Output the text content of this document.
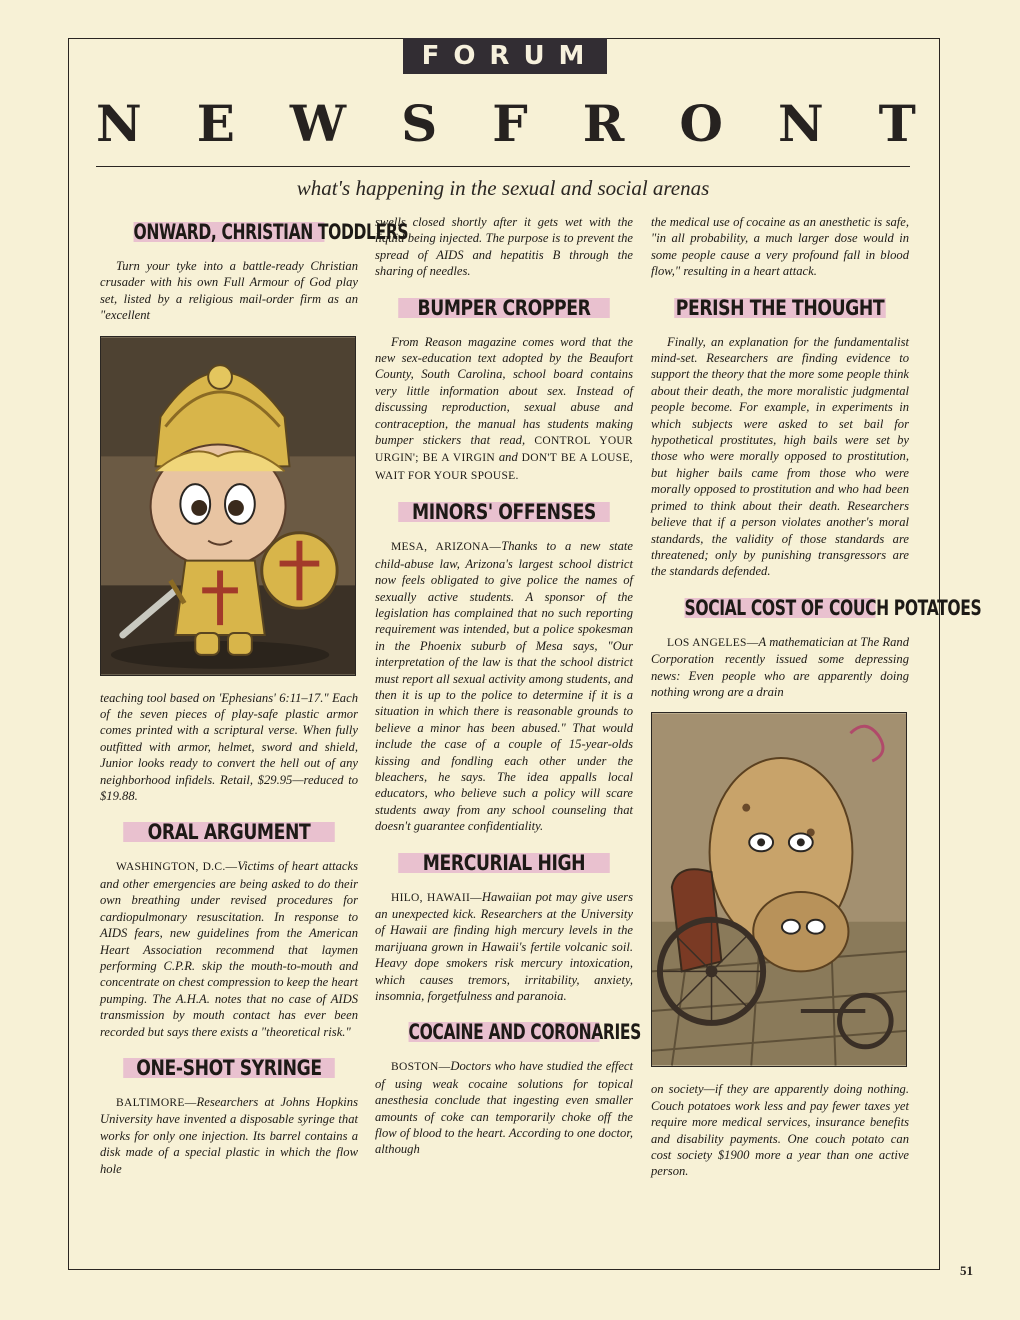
FORUM
N E W S F R O N T
what's happening in the sexual and social arenas
ONWARD, CHRISTIAN TODDLERS

Turn your tyke into a battle-ready Christian crusader with his own Full Armour of God play set, listed by a religious mail-order firm as an "excellent

teaching tool based on 'Ephesians' 6:11–17." Each of the seven pieces of play-safe plastic armor comes printed with a scriptural verse. When fully outfitted with armor, helmet, sword and shield, Junior looks ready to convert the hell out of any neighborhood infidels. Retail, $29.95—reduced to $19.88.

ORAL ARGUMENT

WASHINGTON, D.C.—Victims of heart attacks and other emergencies are being asked to do their own breathing under revised procedures for cardiopulmonary resuscitation. In response to AIDS fears, new guidelines from the American Heart Association recommend that laymen performing C.P.R. skip the mouth-to-mouth and concentrate on chest compression to keep the heart pumping. The A.H.A. notes that no case of AIDS transmission by mouth contact has ever been recorded but says there exists a "theoretical risk."

ONE-SHOT SYRINGE

BALTIMORE—Researchers at Johns Hopkins University have invented a disposable syringe that works for only one injection. Its barrel contains a disk made of a special plastic in which the flow hole

swells closed shortly after it gets wet with the liquid being injected. The purpose is to prevent the spread of AIDS and hepatitis B through the sharing of needles.

BUMPER CROPPER

From Reason magazine comes word that the new sex-education text adopted by the Beaufort County, South Carolina, school board contains very little information about sex. Instead of discussing reproduction, sexual abuse and contraception, the manual has students making bumper stickers that read, CONTROL YOUR URGIN'; BE A VIRGIN and DON'T BE A LOUSE, WAIT FOR YOUR SPOUSE.

MINORS' OFFENSES

MESA, ARIZONA—Thanks to a new state child-abuse law, Arizona's largest school district now feels obligated to give police the names of sexually active students. A sponsor of the legislation has complained that no such reporting requirement was intended, but a police spokesman in the Phoenix suburb of Mesa says, "Our interpretation of the law is that the school district must report all sexual activity among students, and then it is up to the police to determine if it is a situation in which there is reasonable grounds to believe a minor has been abused." That would include the case of a couple of 15-year-olds kissing and fondling each other under the bleachers, he says. The idea appalls local educators, who believe such a policy will scare students away from any school counseling that doesn't guarantee confidentiality.

MERCURIAL HIGH

HILO, HAWAII—Hawaiian pot may give users an unexpected kick. Researchers at the University of Hawaii are finding high mercury levels in the marijuana grown in Hawaii's fertile volcanic soil. Heavy dope smokers risk mercury intoxication, which causes tremors, irritability, anxiety, insomnia, forgetfulness and paranoia.

COCAINE AND CORONARIES

BOSTON—Doctors who have studied the effect of using weak cocaine solutions for topical anesthesia conclude that ingesting even smaller amounts of coke can temporarily choke off the flow of blood to the heart. According to one doctor, although

the medical use of cocaine as an anesthetic is safe, "in all probability, a much larger dose would in some people cause a very profound fall in blood flow," resulting in a heart attack.

PERISH THE THOUGHT

Finally, an explanation for the fundamentalist mind-set. Researchers are finding evidence to support the theory that the more some people think about their death, the more moralistic judgmental people become. For example, in experiments in which subjects were asked to set bail for hypothetical prostitutes, high bails were set by those who were morally opposed to prostitution, but higher bails came from those who were morally opposed to prostitution and who had been primed to think about their death. Researchers believe that if a person violates another's moral standards, the validity of those standards are threatened; only by punishing transgressors are the standards defended.

SOCIAL COST OF COUCH POTATOES

LOS ANGELES—A mathematician at The Rand Corporation recently issued some depressing news: Even people who are apparently doing nothing wrong are a drain

on society—if they are apparently doing nothing. Couch potatoes work less and pay fewer taxes yet require more medical services, insurance benefits and disability payments. One couch potato can cost society $1900 more a year than one active person.

51
